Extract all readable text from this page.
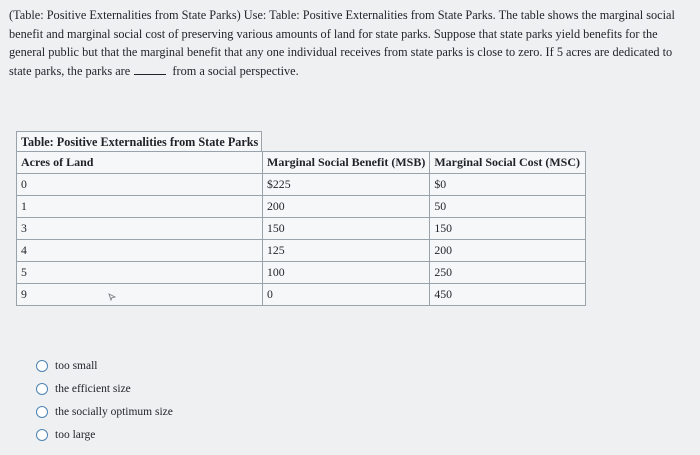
(Table: Positive Externalities from State Parks) Use: Table: Positive Externalities from State Parks. The table shows the marginal social benefit and marginal social cost of preserving various amounts of land for state parks. Suppose that state parks yield benefits for the general public but that the marginal benefit that any one individual receives from state parks is close to zero. If 5 acres are dedicated to state parks, the parks are	from a social perspective.

Table: Positive Externalities from State Parks
Acres of Land	Marginal Social Benefit (MSB)	Marginal Social Cost (MSC)
0	$225	$0
1	200	50
3	150	150
4	125	200
5	100	250
9	0	450
too small
the efficient size
the socially optimum size
too large
